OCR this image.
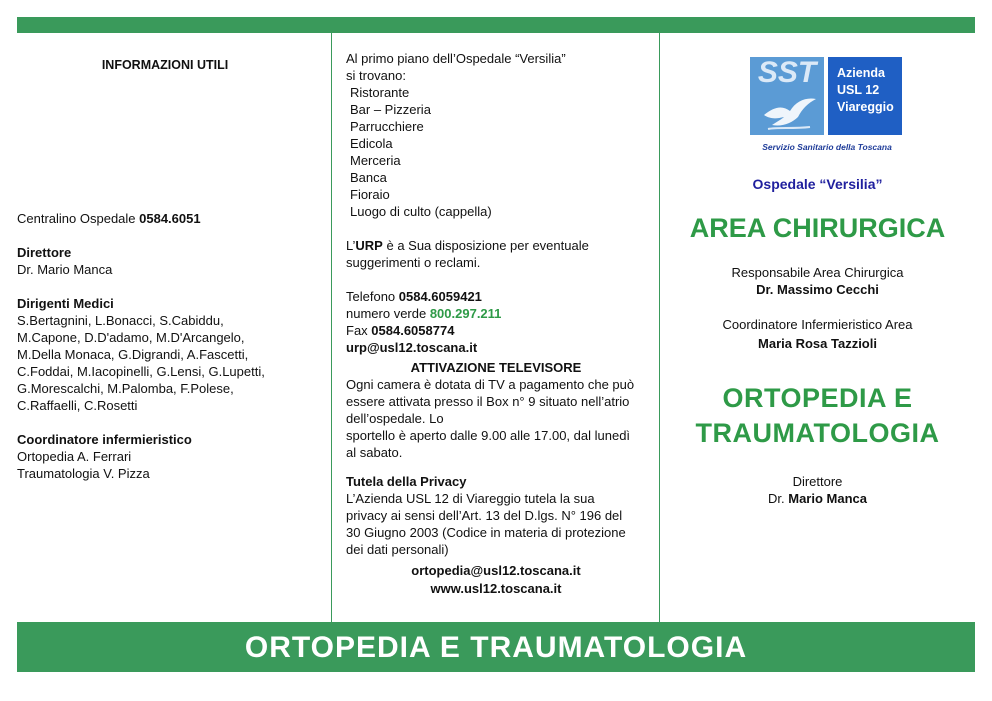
INFORMAZIONI UTILI
Centralino Ospedale 0584.6051
Direttore
Dr. Mario Manca
Dirigenti Medici
S.Bertagnini, L.Bonacci, S.Cabiddu,
M.Capone, D.D'adamo, M.D'Arcangelo,
M.Della Monaca, G.Digrandi, A.Fascetti,
C.Foddai, M.Iacopinelli, G.Lensi, G.Lupetti,
G.Morescalchi, M.Palomba, F.Polese,
C.Raffaelli, C.Rosetti
Coordinatore infermieristico
Ortopedia A. Ferrari
Traumatologia V. Pizza
Al primo piano dell’Ospedale “Versilia”
si trovano:
Ristorante
Bar – Pizzeria
Parrucchiere
Edicola
Merceria
Banca
Fioraio
Luogo di culto (cappella)
L’URP è a Sua disposizione per eventuale suggerimenti o reclami.
Telefono 0584.6059421
numero verde 800.297.211
Fax 0584.6058774
urp@usl12.toscana.it
ATTIVAZIONE TELEVISORE
Ogni camera è dotata di TV a pagamento che può essere attivata presso il Box n° 9 situato nell’atrio dell’ospedale. Lo
sportello è aperto dalle 9.00 alle 17.00, dal lunedì al sabato.
Tutela della Privacy
L’Azienda USL 12 di Viareggio tutela la sua privacy ai sensi dell’Art. 13 del D.lgs. N° 196 del 30 Giugno 2003 (Codice in materia di protezione dei dati personali)
ortopedia@usl12.toscana.it
www.usl12.toscana.it
SST	Azienda
USL 12
Viareggio
Servizio Sanitario della Toscana
Ospedale “Versilia”
AREA CHIRURGICA
Responsabile Area Chirurgica
Dr. Massimo Cecchi
Coordinatore Infermieristico Area
Maria Rosa Tazzioli
ORTOPEDIA E
TRAUMATOLOGIA
Direttore
Dr. Mario Manca
ORTOPEDIA E TRAUMATOLOGIA
